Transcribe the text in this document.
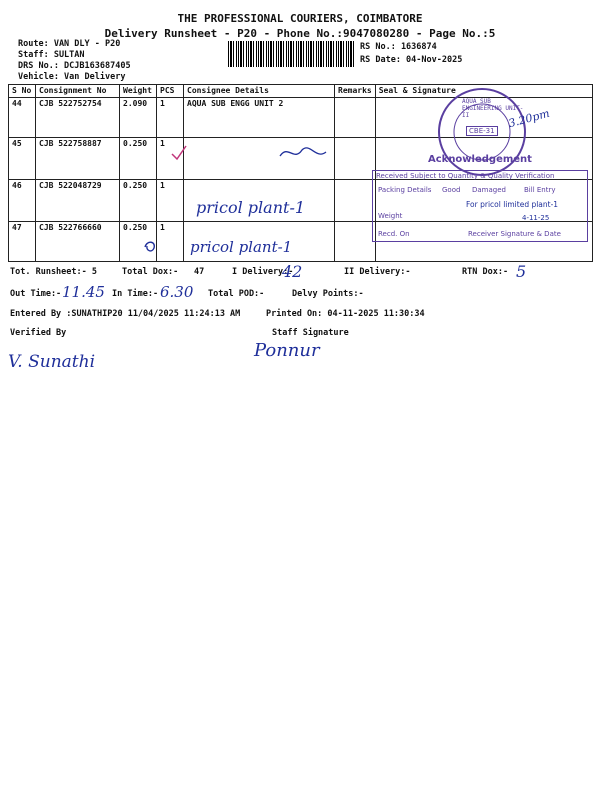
THE PROFESSIONAL COURIERS, COIMBATORE
Delivery Runsheet - P20 - Phone No.:9047080280 - Page No.:5
Route: VAN DLY - P20
Staff: SULTAN
DRS No.: DCJB163687405
Vehicle: Van Delivery
RS No.: 1636874
RS Date: 04-Nov-2025
S No	Consignment No	Weight	PCS	Consignee Details	Remarks	Seal & Signature
44	CJB 522752754	2.090	1	AQUA SUB ENGG UNIT 2		
45	CJB 522758887	0.250	1			
46	CJB 522048729	0.250	1			
47	CJB 522766660	0.250	1			
pricol plant-1
pricol plant-1
AQUA SUB ENGINEERING UNIT-II
CBE-31
3.20pm
Acknowledgement
Received Subject to Quantity & Quality Verification
Packing Details Good Damaged	Bill Entry
For pricol limited plant-1
Weight	4-11-25
Recd. On	Receiver Signature & Date
Tot. Runsheet:- 5	Total Dox:- 47	I Delivery:-
42	II Delivery:-	RTN Dox:- 5
Out Time:- 11.45 In Time:- 6.30 Total POD:-	Delvy Points:-
Entered By :SUNATHIP20 11/04/2025 11:24:13 AM	Printed On: 04-11-2025 11:30:34
Verified By	Staff Signature
V. Sunathi
Ponnur
